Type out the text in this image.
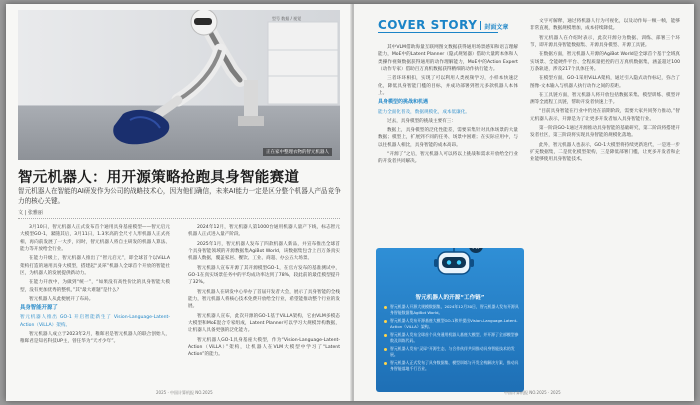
型号 数据 / 视觉
正在家中整理衣物的智元机器人
智元机器人：用开源策略抢跑具身智能赛道
智元机器人在智能的AI研发作为公司的战略技术心，因为他们确信，未来AI能力一定是区分整个机器人产品竞争力的核心关键。
文 | 张雅丽

3月10日，智元机器人正式发布首个通用具身基座模型——智元启元大模型GO-1，紧随其后，3月11日，1.3米高的全尺寸人形机器人正式亮相，再向前发展了一大步，同时，智元机器人将自主研发的机器人算法、能力等开放给全行业。

在能力升级上，智元机器人推出了“智元启元”，即全球首个以ViLLA架构打造的通用具身大模型，搭建起“灵犀”机器人全球首个开放的智能社区，为机器人的发展提供新动力。

在能力开放中，为做到“统一”，“如果没有高性价比的具身智能大模型，没有更加优秀的整机，”其“最大难题”是什么？

智元机器人从此便展开了布局。

具身智能开源了

智元机器人推出 GO-1 开启智能新生了 Vision-Language-Latent-Action（ViLLA）架构。

智元机器人成立于2023年2月，稚晖君是智元机器人的联合创始人，稚晖君是知名科技UP主，曾任华为“天才少年”。

2024年12月，智元机器人第1000台通用机器人量产下线，标志智元机器人正式进入量产阶段。

2025年1月，智元机器人发布了四款机器人新品，并宣布推出全球首个具身智能领域的开源数据集AgiBot World，该数据集包含上百万条真实机器人数据，覆盖家居、餐饮、工业、商超、办公五大场景。

智元机器人宣布开源了其开源模型GO-1，在官方发布的基准测试中，GO-1在真实场景任务中的平均成功率达到了78%，较此前的最佳模型提升了32%。

智元机器人在研发中心举办了首届开发者大会，展示了具身智能的全栈能力，智元机器人将核心技术免费开放给全行业，希望能推动整个行业的发展。

智元机器人宣布，此次开源的GO-1基于ViLLA架构，它由VLM多模态大模型和MoE混合专家组成，Latent Planner可以学习大规模异构数据，让机器人具备更强的泛化能力。

智元机器人GO-1具身基座大模型，作为“Vision-Language-Latent-Action（ViLLA）”架构，让机器人在VLM大模型中学习了“Latent Action”的能力。

2025 · 中国计算机报 NO.2025
COVER STORY 封面文章

其中VLM借助海量互联网图文数据获得通用场景感知和语言理解能力，MoE中的Latent Planner（隐式规划器）借助大量跨本体和人类操作视频数据获得通用的动作理解能力，MoE中的Action Expert（动作专家）借助百万真机数据获得精细的动作执行能力。

三者环环相扣，实现了可以利用人类视频学习，小样本快速泛化，降低具身智能门槛的目标，并成功部署到智元多款机器人本体上。

具身模型的挑战和机遇

能力全面化普及，数据规模化，成本低廉化。

过去，具身模型的挑战主要有三：

数据上，具身模型的泛化性能差，需要采集针对具体场景的大量数据；模型上，扩展到不同的任务、场景中困难；在实际应用中，与以往机器人相比，具身智能的成本高昂。

“开源了”之后，智元机器人可以将以上挑战和需求开放给全行业的开发者共同解决。

AI
智元机器人的开源“工作链”
智元机器人开源大规模数据集，2024年12月30日，智元机器人发布开源具身智能数据集AgiBot World。
智元机器人发布开源基座大模型GO-1和并提出Vision-Language-Latent-Action（ViLLA）架构。
智元机器人发布全球首个具身通用机器人基座大模型，并开源了全部模型参数及训练代码。
智元机器人发布“灵犀”开源生态，与合作伙伴共同推动具身智能技术的发展。
智元机器人正式发布了具身数据集、模型训练与开发全栈解决方案，推动具身智能落地千行百业。

文字可解释，通过将机器人行为可视化，以及动作每一帧一帧，能够非常直观，数据规模增加，成本持续降低。

智元机器人在介绍时表示，此次开源分为数据、训练、部署三个环节，即开源具身智能数据集、开源具身模型、开源工具链。

在数据方面，智元机器人开源的AgiBot World是全球首个基于全域真实场景、全能硬件平台、全程质量把控的百万真机数据集，涵盖超过100万条轨迹，涉及217个具体任务。

在模型方面，GO-1采用ViLLA架构，通过引入隐式动作标记，弥合了图像-文本输入与机器人执行动作之间的差距。

在工具链方面，智元机器人将开放包括数据采集、模型训练、模型评测等全流程工具链，帮助开发者快速上手。

“目前具身智能在行业中仍处在前期阶段，需要大家共同努力推动。”智元机器人表示，开源是为了让更多开发者加入具身智能行业。

第一阶段GO-1通过开源推动具身智能的基础研究，第二阶段将搭建开发者社区，第三阶段将实现具身智能的规模化落地。

此外，智元机器人也表示，GO-1大模型将持续更新迭代，一是进一步扩充数据集，二是优化模型架构，三是降低部署门槛，让更多开发者和企业能够使用具身智能技术。

中国计算机报 NO.2025 · 2025
